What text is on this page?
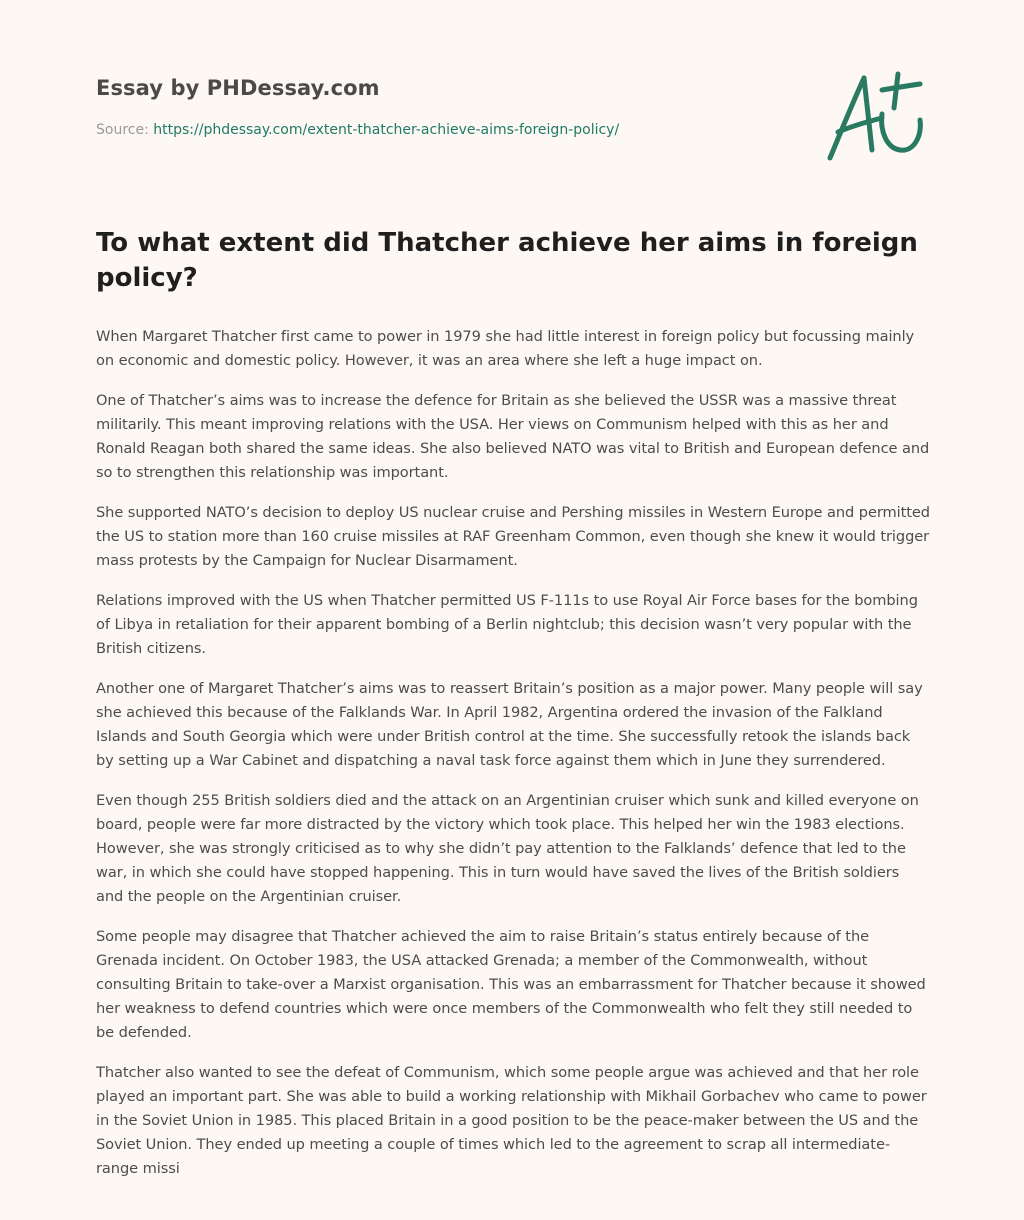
Essay by PHDessay.com
Source: https://phdessay.com/extent-thatcher-achieve-aims-foreign-policy/
To what extent did Thatcher achieve her aims in foreign policy?

When Margaret Thatcher first came to power in 1979 she had little interest in foreign policy but focussing mainly on economic and domestic policy. However, it was an area where she left a huge impact on.

One of Thatcher’s aims was to increase the defence for Britain as she believed the USSR was a massive threat militarily. This meant improving relations with the USA. Her views on Communism helped with this as her and Ronald Reagan both shared the same ideas. She also believed NATO was vital to British and European defence and so to strengthen this relationship was important.

She supported NATO’s decision to deploy US nuclear cruise and Pershing missiles in Western Europe and permitted the US to station more than 160 cruise missiles at RAF Greenham Common, even though she knew it would trigger mass protests by the Campaign for Nuclear Disarmament.

Relations improved with the US when Thatcher permitted US F-111s to use Royal Air Force bases for the bombing of Libya in retaliation for their apparent bombing of a Berlin nightclub; this decision wasn’t very popular with the British citizens.

Another one of Margaret Thatcher’s aims was to reassert Britain’s position as a major power. Many people will say she achieved this because of the Falklands War. In April 1982, Argentina ordered the invasion of the Falkland Islands and South Georgia which were under British control at the time. She successfully retook the islands back by setting up a War Cabinet and dispatching a naval task force against them which in June they surrendered.

Even though 255 British soldiers died and the attack on an Argentinian cruiser which sunk and killed everyone on board, people were far more distracted by the victory which took place. This helped her win the 1983 elections. However, she was strongly criticised as to why she didn’t pay attention to the Falklands’ defence that led to the war, in which she could have stopped happening. This in turn would have saved the lives of the British soldiers and the people on the Argentinian cruiser.

Some people may disagree that Thatcher achieved the aim to raise Britain’s status entirely because of the Grenada incident. On October 1983, the USA attacked Grenada; a member of the Commonwealth, without consulting Britain to take-over a Marxist organisation. This was an embarrassment for Thatcher because it showed her weakness to defend countries which were once members of the Commonwealth who felt they still needed to be defended.

Thatcher also wanted to see the defeat of Communism, which some people argue was achieved and that her role played an important part. She was able to build a working relationship with Mikhail Gorbachev who came to power in the Soviet Union in 1985. This placed Britain in a good position to be the peace-maker between the US and the Soviet Union. They ended up meeting a couple of times which led to the agreement to scrap all intermediate-range missi
